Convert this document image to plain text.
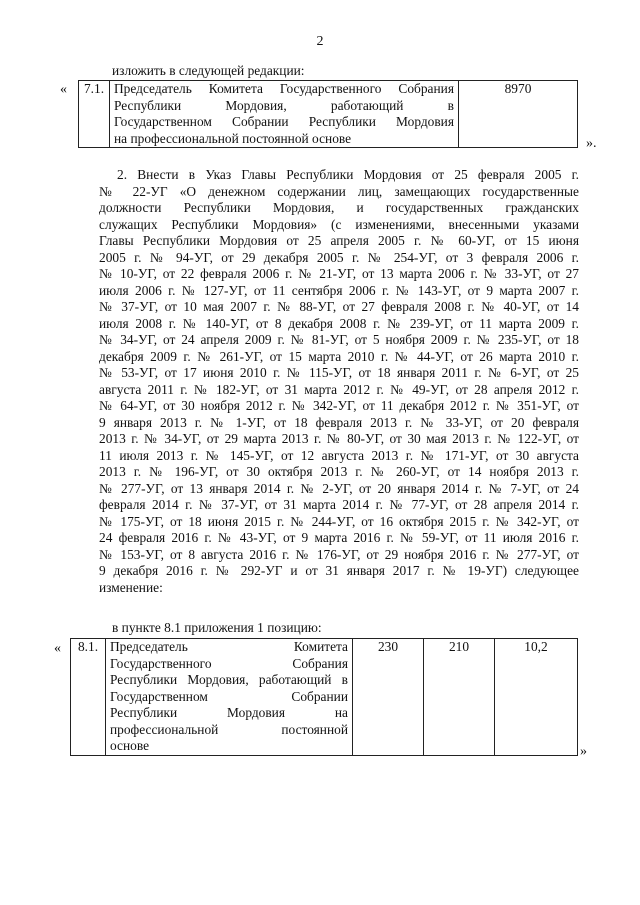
2
изложить в следующей редакции:
« 7.1.	Председатель Комитета Государственного Собрания
Республики Мордовия, работающий в
Государственном Собрании Республики Мордовия
на профессиональной постоянной основе
	8970
».
2. Внести в Указ Главы Республики Мордовия от 25 февраля 2005 г.
№ 22-УГ «О денежном содержании лиц, замещающих государственные
должности Республики Мордовия, и государственных гражданских
служащих Республики Мордовия» (с изменениями, внесенными указами
Главы Республики Мордовия от 25 апреля 2005 г. № 60-УГ, от 15 июня
2005 г. № 94-УГ, от 29 декабря 2005 г. № 254-УГ, от 3 февраля 2006 г.
№ 10-УГ, от 22 февраля 2006 г. № 21-УГ, от 13 марта 2006 г. № 33-УГ, от 27
июля 2006 г. № 127-УГ, от 11 сентября 2006 г. № 143-УГ, от 9 марта 2007 г.
№ 37-УГ, от 10 мая 2007 г. № 88-УГ, от 27 февраля 2008 г. № 40-УГ, от 14
июля 2008 г. № 140-УГ, от 8 декабря 2008 г. № 239-УГ, от 11 марта 2009 г.
№ 34-УГ, от 24 апреля 2009 г. № 81-УГ, от 5 ноября 2009 г. № 235-УГ, от 18
декабря 2009 г. № 261-УГ, от 15 марта 2010 г. № 44-УГ, от 26 марта 2010 г.
№ 53-УГ, от 17 июня 2010 г. № 115-УГ, от 18 января 2011 г. № 6-УГ, от 25
августа 2011 г. № 182-УГ, от 31 марта 2012 г. № 49-УГ, от 28 апреля 2012 г.
№ 64-УГ, от 30 ноября 2012 г. № 342-УГ, от 11 декабря 2012 г. № 351-УГ, от
9 января 2013 г. № 1-УГ, от 18 февраля 2013 г. № 33-УГ, от 20 февраля
2013 г. № 34-УГ, от 29 марта 2013 г. № 80-УГ, от 30 мая 2013 г. № 122-УГ, от
11 июля 2013 г. № 145-УГ, от 12 августа 2013 г. № 171-УГ, от 30 августа
2013 г. № 196-УГ, от 30 октября 2013 г. № 260-УГ, от 14 ноября 2013 г.
№ 277-УГ, от 13 января 2014 г. № 2-УГ, от 20 января 2014 г. № 7-УГ, от 24
февраля 2014 г. № 37-УГ, от 31 марта 2014 г. № 77-УГ, от 28 апреля 2014 г.
№ 175-УГ, от 18 июня 2015 г. № 244-УГ, от 16 октября 2015 г. № 342-УГ, от
24 февраля 2016 г. № 43-УГ, от 9 марта 2016 г. № 59-УГ, от 11 июля 2016 г.
№ 153-УГ, от 8 августа 2016 г. № 176-УГ, от 29 ноября 2016 г. № 277-УГ, от
9 декабря 2016 г. № 292-УГ и от 31 января 2017 г. № 19-УГ) следующее
изменение:
в пункте 8.1 приложения 1 позицию:
« 8.1.	Председатель Комитета
Государственного Собрания
Республики Мордовия, работающий в
Государственном Собрании
Республики Мордовия на
профессиональной постоянной
основе
	230	210	10,2
»
